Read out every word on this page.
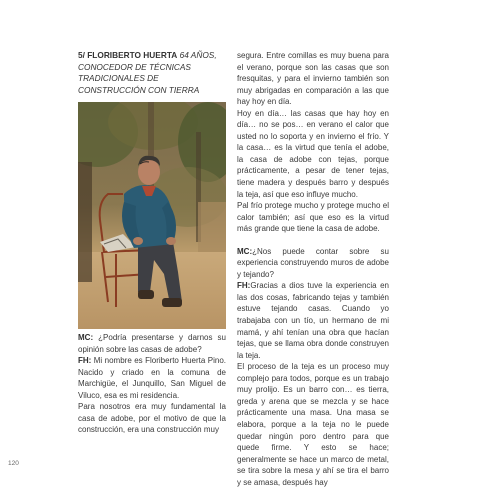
5/ FLORIBERTO HUERTA 64 AÑOS, CONOCEDOR DE TÉCNICAS TRADICIONALES DE CONSTRUCCIÓN CON TIERRA

MC: ¿Podría presentarse y darnos su opinión sobre las casas de adobe?

FH: Mi nombre es Floriberto Huerta Pino. Nacido y criado en la comuna de Marchigüe, el Junquillo, San Miguel de Viluco, esa es mi residencia.

Para nosotros era muy fundamental la casa de adobe, por el motivo de que la construcción, era una construcción muy

segura. Entre comillas es muy buena para el verano, porque son las casas que son fresquitas, y para el invierno también son muy abrigadas en comparación a las que hay hoy en día.

Hoy en día… las casas que hay hoy en día… no se pos… en verano el calor que usted no lo soporta y en invierno el frío. Y la casa… es la virtud que tenía el adobe, la casa de adobe con tejas, porque prácticamente, a pesar de tener tejas, tiene madera y después barro y después la teja, así que eso influye mucho.

Pal frío protege mucho y protege mucho el calor también; así que eso es la virtud más grande que tiene la casa de adobe.

MC:¿Nos puede contar sobre su experiencia construyendo muros de adobe y tejando?

FH:Gracias a dios tuve la experiencia en las dos cosas, fabricando tejas y también estuve tejando casas. Cuando yo trabajaba con un tío, un hermano de mi mamá, y ahí tenían una obra que hacían tejas, que se llama obra donde construyen la teja.

El proceso de la teja es un proceso muy complejo para todos, porque es un trabajo muy prolijo. Es un barro con… es tierra, greda y arena que se mezcla y se hace prácticamente una masa. Una masa se elabora, porque a la teja no le puede quedar ningún poro dentro para que quede firme. Y esto se hace; generalmente se hace un marco de metal, se tira sobre la mesa y ahí se tira el barro y se amasa, después hay

120
